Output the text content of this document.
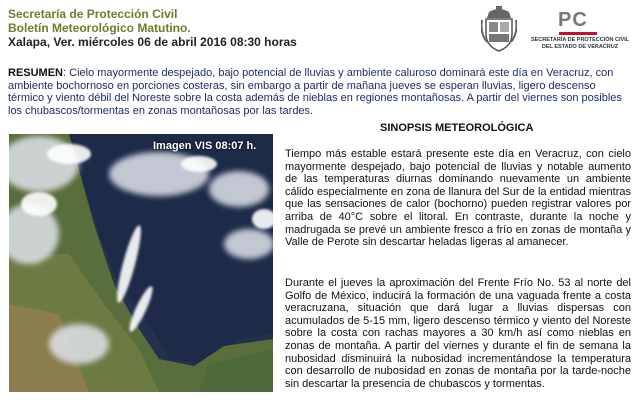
Secretaría de Protección Civil
Boletín Meteorológico Matutino.
Xalapa, Ver. miércoles 06 de abril 2016 08:30 horas
PC
SECRETARÍA DE PROTECCIÓN CIVIL
DEL ESTADO DE VERACRUZ
RESUMEN: Cielo mayormente despejado, bajo potencial de lluvias y ambiente caluroso dominará este día en Veracruz, con ambiente bochornoso en porciones costeras, sin embargo a partir de mañana jueves se esperan lluvias, ligero descenso térmico y viento débil del Noreste sobre la costa además de nieblas en regiones montañosas. A partir del viernes son posibles los chubascos/tormentas en zonas montañosas por las tardes.
SINOPSIS METEOROLÓGICA
Imagen VIS 08:07 h.
Tiempo más estable estará presente este día en Veracruz, con cielo mayormente despejado, bajo potencial de lluvias y notable aumento de las temperaturas diurnas dominando nuevamente un ambiente cálido especialmente en zona de llanura del Sur de la entidad mientras que las sensaciones de calor (bochorno) pueden registrar valores por arriba de 40°C sobre el litoral. En contraste, durante la noche y madrugada se prevé un ambiente fresco a frío en zonas de montaña y Valle de Perote sin descartar heladas ligeras al amanecer.
Durante el jueves la aproximación del Frente Frío No. 53 al norte del Golfo de México, inducirá la formación de una vaguada frente a costa veracruzana, situación que dará lugar a lluvias dispersas con acumulados de 5-15 mm, ligero descenso térmico y viento del Noreste sobre la costa con rachas mayores a 30 km/h así como nieblas en zonas de montaña. A partir del viernes y durante el fin de semana la nubosidad disminuirá la nubosidad incrementándose la temperatura con desarrollo de nubosidad en zonas de montaña por la tarde-noche sin descartar la presencia de chubascos y tormentas.
